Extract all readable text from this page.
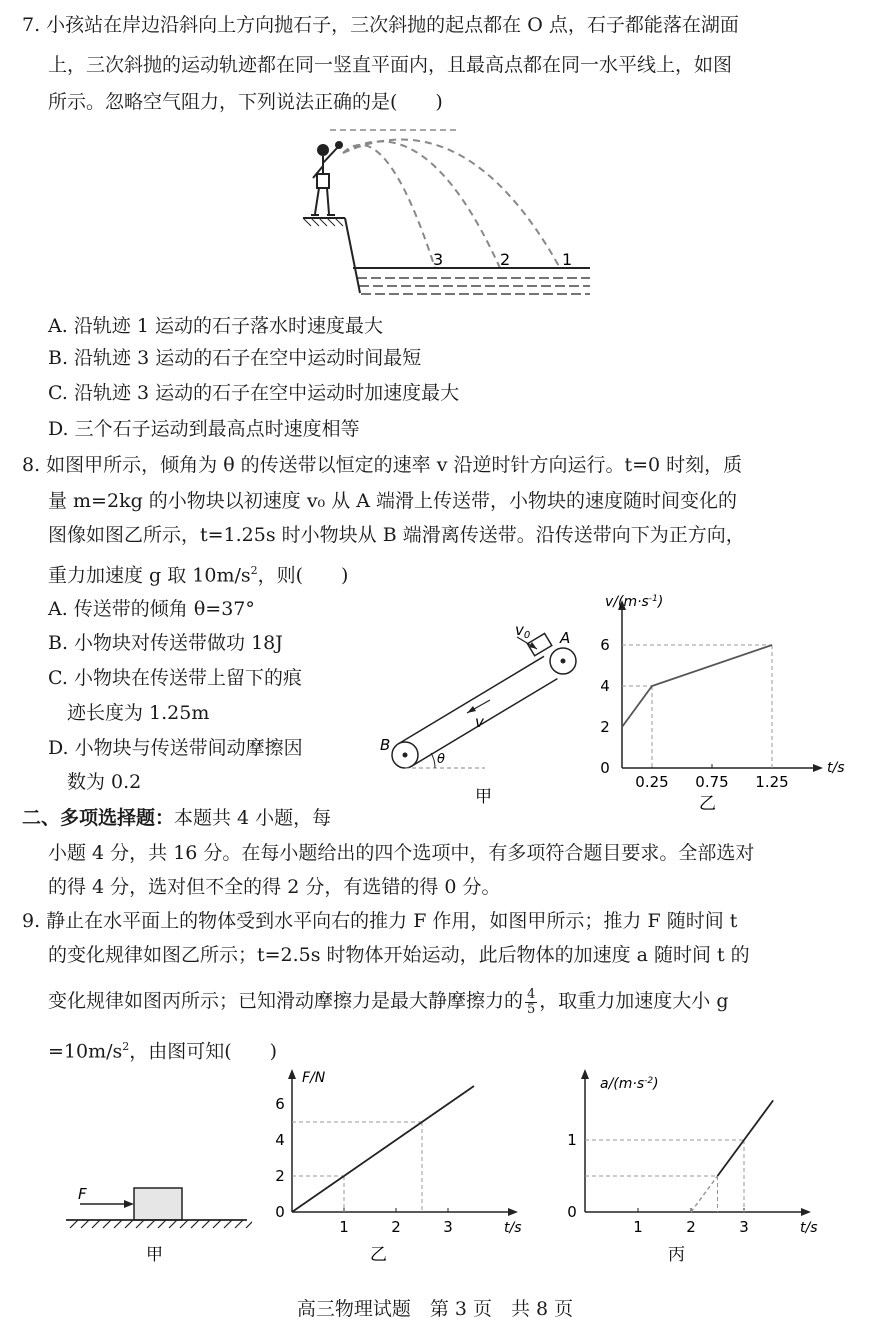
7. 小孩站在岸边沿斜向上方向抛石子，三次斜抛的起点都在 O 点，石子都能落在湖面
上，三次斜抛的运动轨迹都在同一竖直平面内，且最高点都在同一水平线上，如图
所示。忽略空气阻力，下列说法正确的是(　　)
3	2	1
A. 沿轨迹 1 运动的石子落水时速度最大
B. 沿轨迹 3 运动的石子在空中运动时间最短
C. 沿轨迹 3 运动的石子在空中运动时加速度最大
D. 三个石子运动到最高点时速度相等
8. 如图甲所示，倾角为 θ 的传送带以恒定的速率 v 沿逆时针方向运行。t=0 时刻，质
量 m=2kg 的小物块以初速度 v₀ 从 A 端滑上传送带，小物块的速度随时间变化的
图像如图乙所示，t=1.25s 时小物块从 B 端滑离传送带。沿传送带向下为正方向，
重力加速度 g 取 $10m/s^2$，则(　　)
A. 传送带的倾角 θ=37°
B. 小物块对传送带做功 18J
C. 小物块在传送带上留下的痕
　迹长度为 1.25m
D. 小物块与传送带间动摩擦因
　数为 0.2
$v_0$ A
v
B
θ
甲
$v/(m\cdot s^{-1})$
t/s
6
4
2
0
0.25 0.75 1.25
乙
二、多项选择题：本题共 4 小题，每
小题 4 分，共 16 分。在每小题给出的四个选项中，有多项符合题目要求。全部选对
的得 4 分，选对但不全的得 2 分，有选错的得 0 分。
9. 静止在水平面上的物体受到水平向右的推力 F 作用，如图甲所示；推力 F 随时间 t
的变化规律如图乙所示；t=2.5s 时物体开始运动，此后物体的加速度 a 随时间 t 的
变化规律如图丙所示；已知滑动摩擦力是最大静摩擦力的 $\frac{4}{5}$ ，取重力加速度大小 g
$=10m/s^2$，由图可知(　　)
F
甲
F/N
t/s
6
4
2
0
1	2	3
乙
$a/(m\cdot s^{-2})$
t/s
1
0
1	2	3
丙
高三物理试题　第 3 页　共 8 页
